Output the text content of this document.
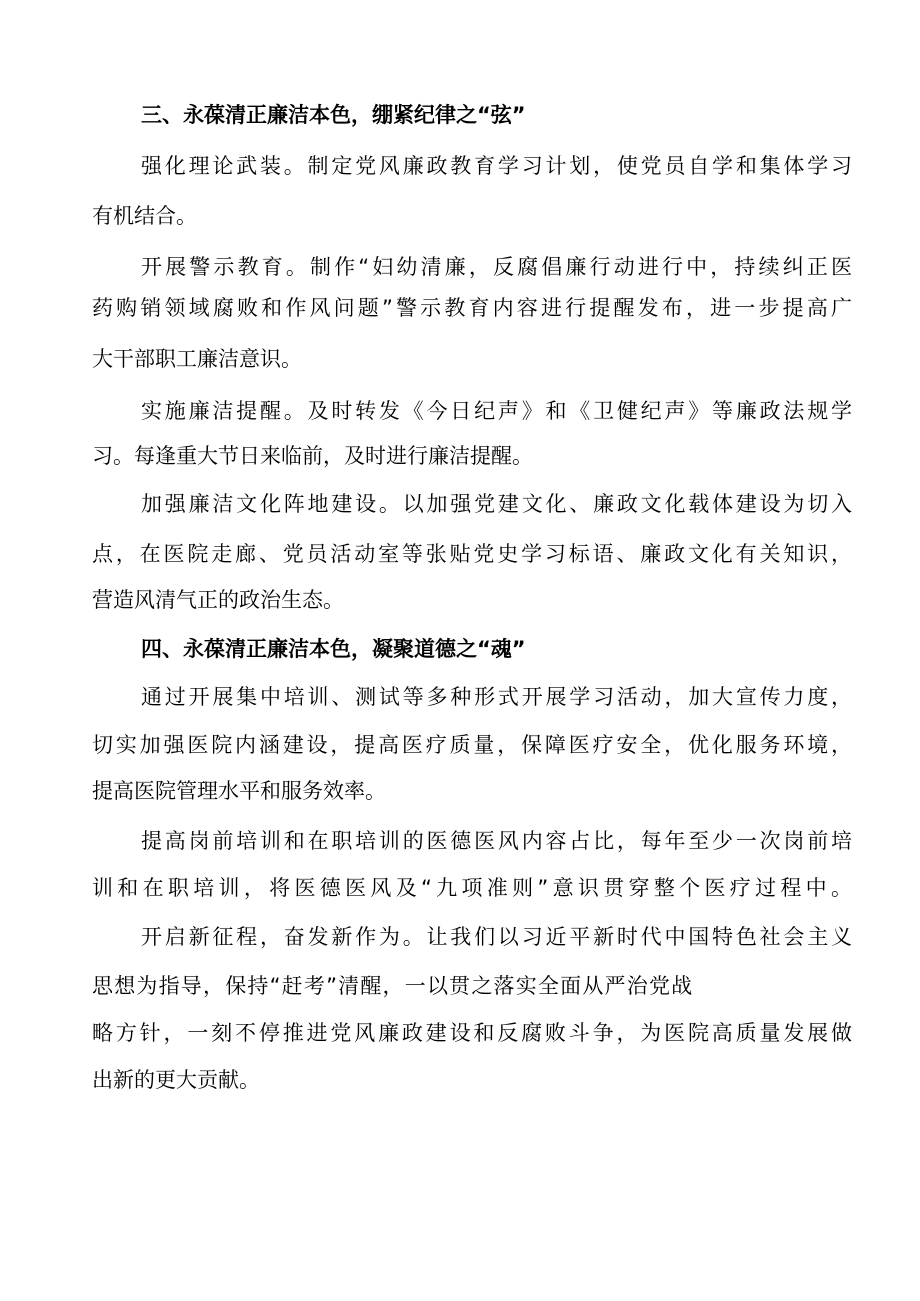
三、永葆清正廉洁本色，绷紧纪律之“弦”
强化理论武装。制定党风廉政教育学习计划，使党员自学和集体学习
有机结合。
开展警示教育。制作“妇幼清廉，反腐倡廉行动进行中，持续纠正医
药购销领域腐败和作风问题”警示教育内容进行提醒发布，进一步提高广
大干部职工廉洁意识。
实施廉洁提醒。及时转发《今日纪声》和《卫健纪声》等廉政法规学
习。每逢重大节日来临前，及时进行廉洁提醒。
加强廉洁文化阵地建设。以加强党建文化、廉政文化载体建设为切入
点，在医院走廊、党员活动室等张贴党史学习标语、廉政文化有关知识，
营造风清气正的政治生态。
四、永葆清正廉洁本色，凝聚道德之“魂”
通过开展集中培训、测试等多种形式开展学习活动，加大宣传力度，
切实加强医院内涵建设，提高医疗质量，保障医疗安全，优化服务环境，
提高医院管理水平和服务效率。
提高岗前培训和在职培训的医德医风内容占比，每年至少一次岗前培
训和在职培训，将医德医风及“九项准则”意识贯穿整个医疗过程中。
开启新征程，奋发新作为。让我们以习近平新时代中国特色社会主义
思想为指导，保持“赶考”清醒，一以贯之落实全面从严治党战
略方针，一刻不停推进党风廉政建设和反腐败斗争，为医院高质量发展做
出新的更大贡献。
